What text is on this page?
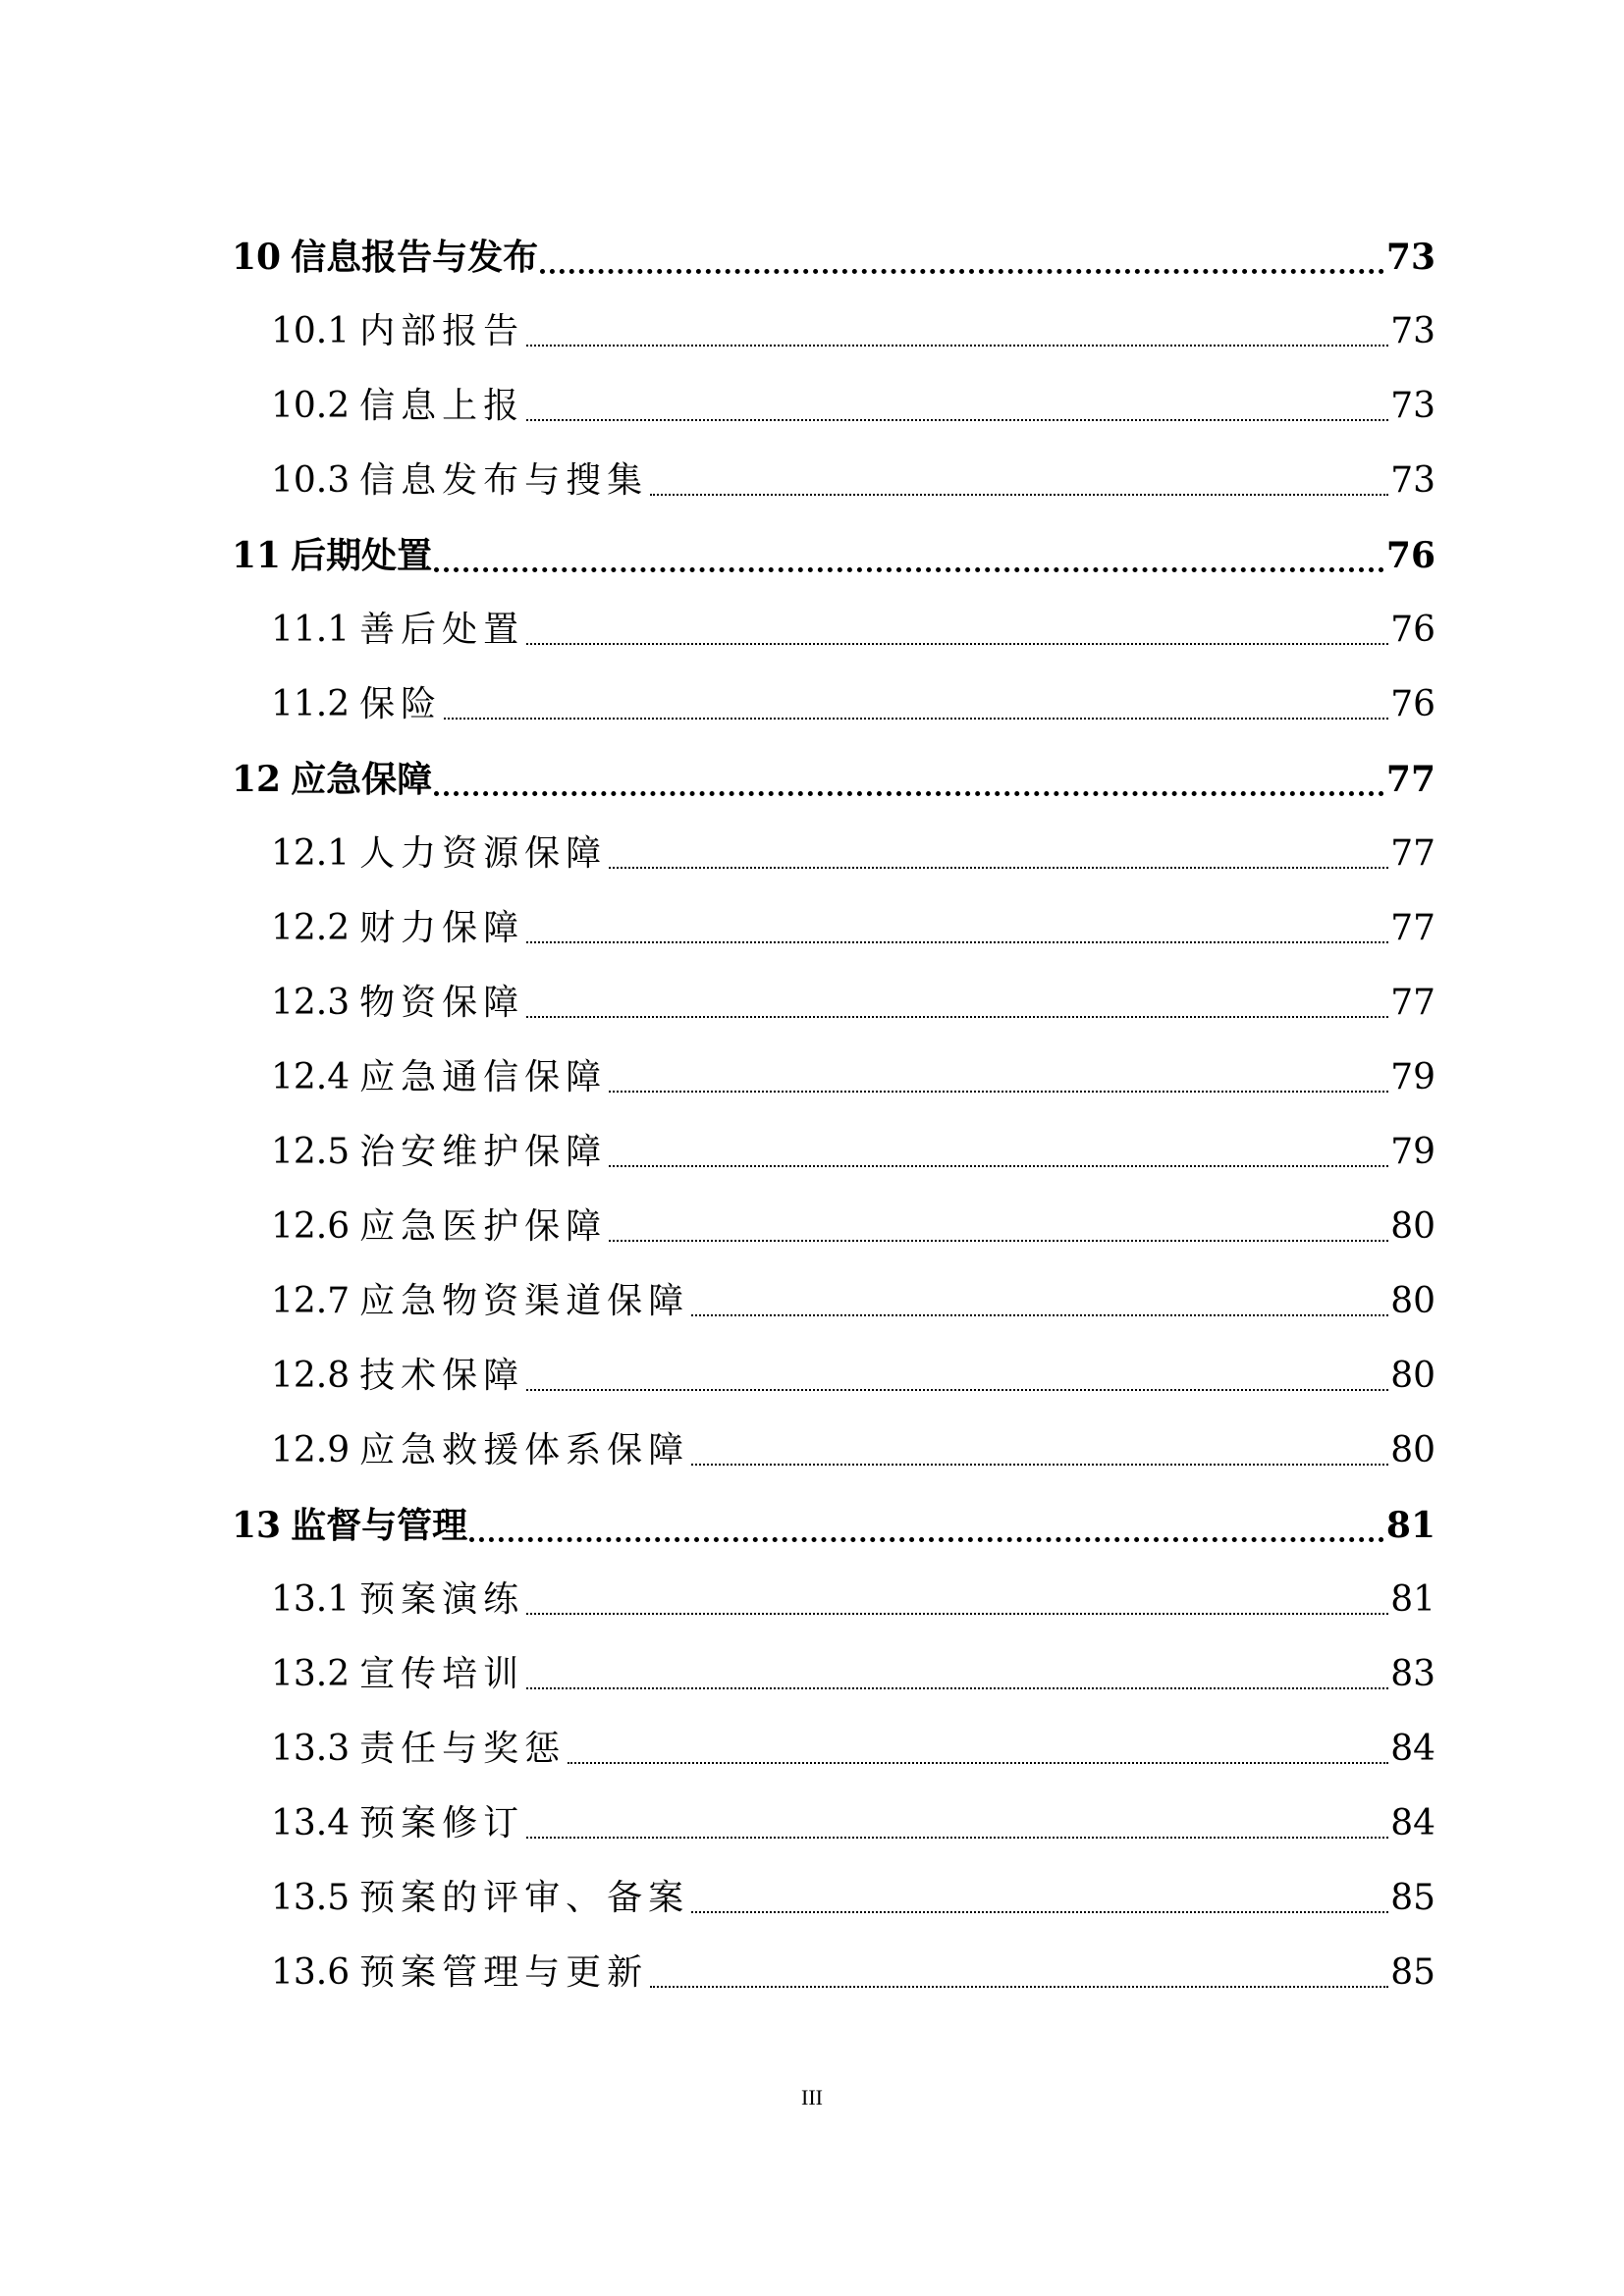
10 信息报告与发布	73
10.1 内部报告	73
10.2 信息上报	73
10.3 信息发布与搜集	73
11 后期处置	76
11.1 善后处置	76
11.2 保险	76
12 应急保障	77
12.1 人力资源保障	77
12.2 财力保障	77
12.3 物资保障	77
12.4 应急通信保障	79
12.5 治安维护保障	79
12.6 应急医护保障	80
12.7 应急物资渠道保障	80
12.8 技术保障	80
12.9 应急救援体系保障	80
13 监督与管理	81
13.1 预案演练	81
13.2 宣传培训	83
13.3 责任与奖惩	84
13.4 预案修订	84
13.5 预案的评审、备案	85
13.6 预案管理与更新	85
III
